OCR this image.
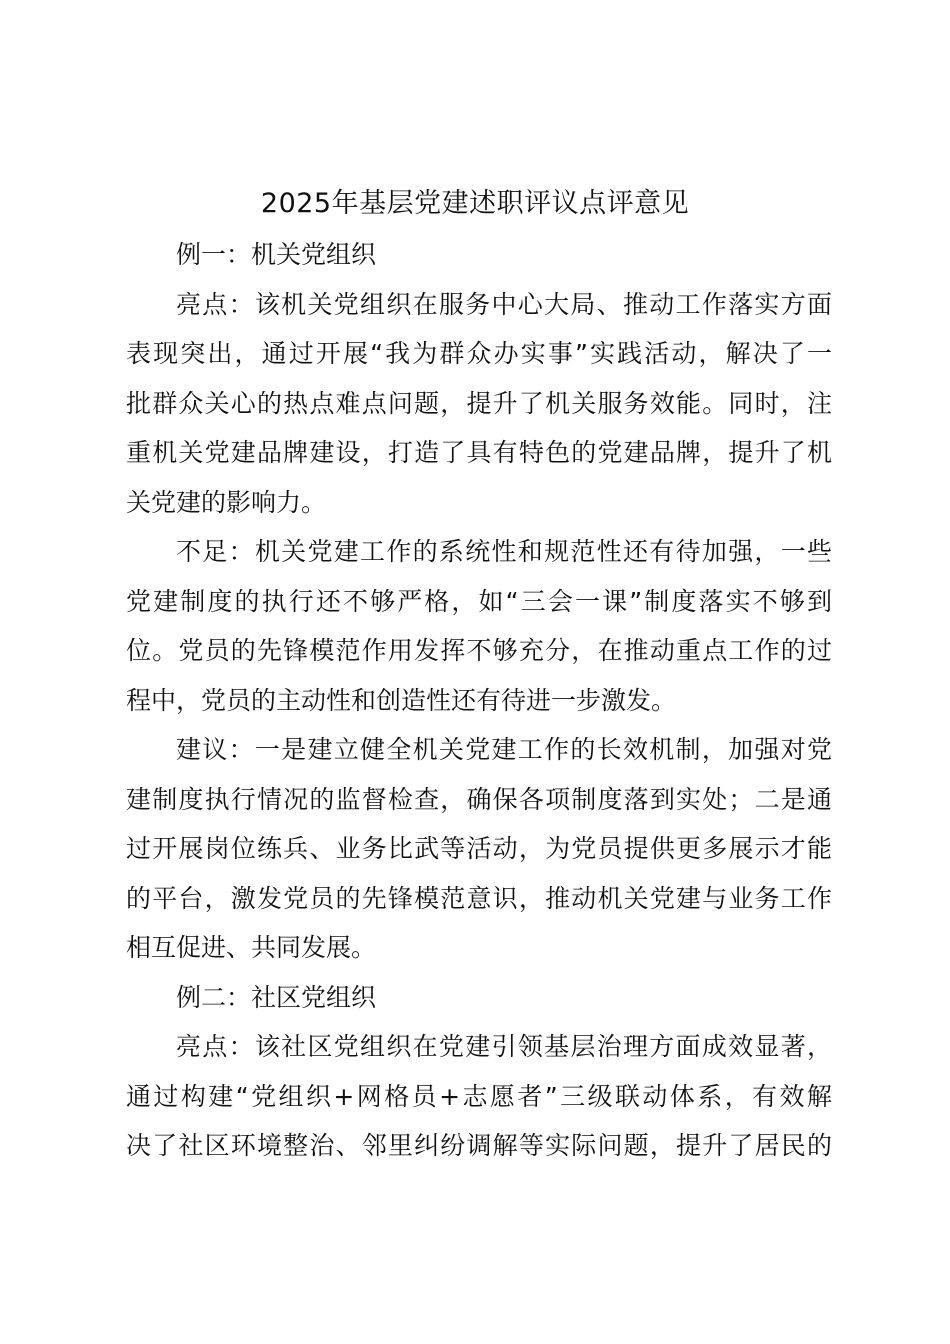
2025年基层党建述职评议点评意见
例一：机关党组织
亮点：该机关党组织在服务中心大局、推动工作落实方面
表现突出，通过开展“我为群众办实事”实践活动，解决了一
批群众关心的热点难点问题，提升了机关服务效能。同时，注
重机关党建品牌建设，打造了具有特色的党建品牌，提升了机
关党建的影响力。
不足：机关党建工作的系统性和规范性还有待加强，一些
党建制度的执行还不够严格，如“三会一课”制度落实不够到
位。党员的先锋模范作用发挥不够充分，在推动重点工作的过
程中，党员的主动性和创造性还有待进一步激发。
建议：一是建立健全机关党建工作的长效机制，加强对党
建制度执行情况的监督检查，确保各项制度落到实处；二是通
过开展岗位练兵、业务比武等活动，为党员提供更多展示才能
的平台，激发党员的先锋模范意识，推动机关党建与业务工作
相互促进、共同发展。
例二：社区党组织
亮点：该社区党组织在党建引领基层治理方面成效显著，
通过构建“党组织+网格员+志愿者”三级联动体系，有效解
决了社区环境整治、邻里纠纷调解等实际问题，提升了居民的
